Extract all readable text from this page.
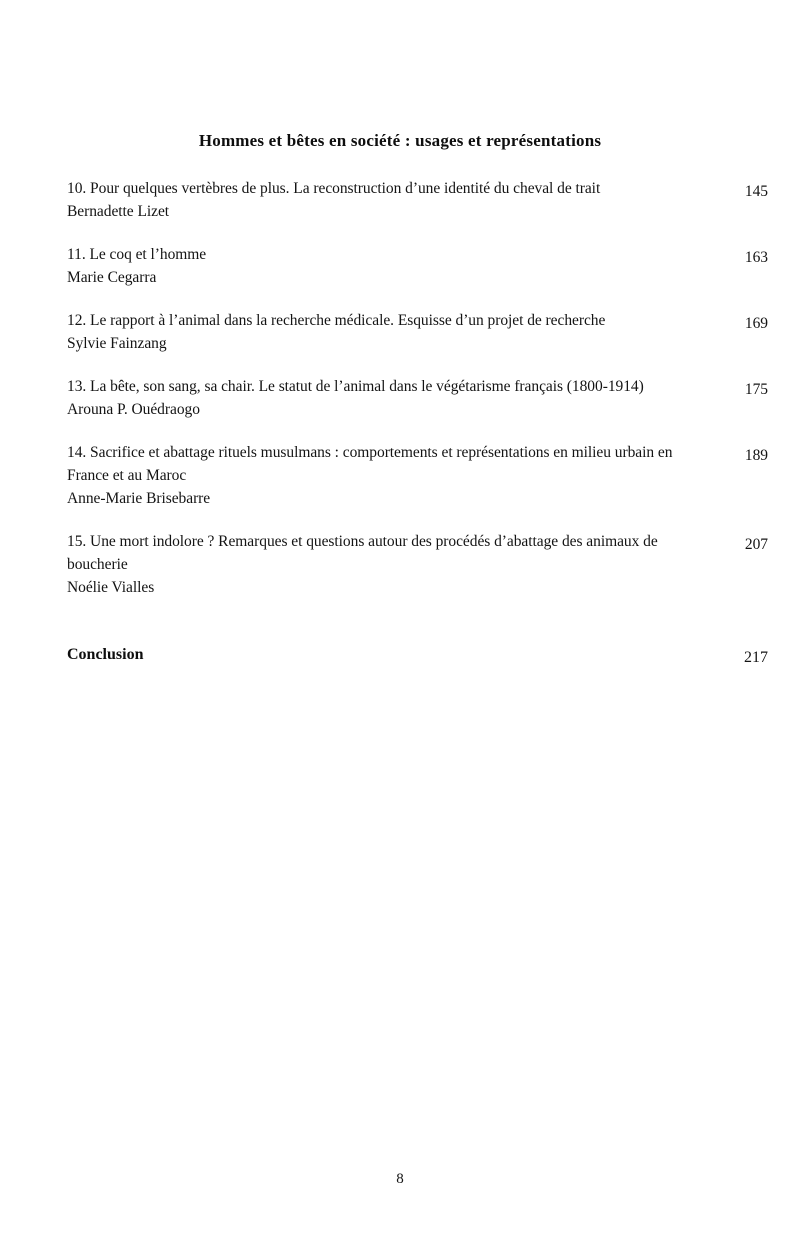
Hommes et bêtes en société : usages et représentations
10. Pour quelques vertèbres de plus. La reconstruction d’une identité du cheval de trait
Bernadette Lizet
145
11. Le coq et l’homme
Marie Cegarra
163
12. Le rapport à l’animal dans la recherche médicale. Esquisse d’un projet de recherche
Sylvie Fainzang
169
13. La bête, son sang, sa chair. Le statut de l’animal dans le végétarisme français (1800-1914)
Arouna P. Ouédraogo
175
14. Sacrifice et abattage rituels musulmans : comportements et représentations en milieu urbain en France et au Maroc
Anne-Marie Brisebarre
189
15. Une mort indolore ? Remarques et questions autour des procédés d’abattage des animaux de boucherie
Noélie Vialles
207
Conclusion	217
8
